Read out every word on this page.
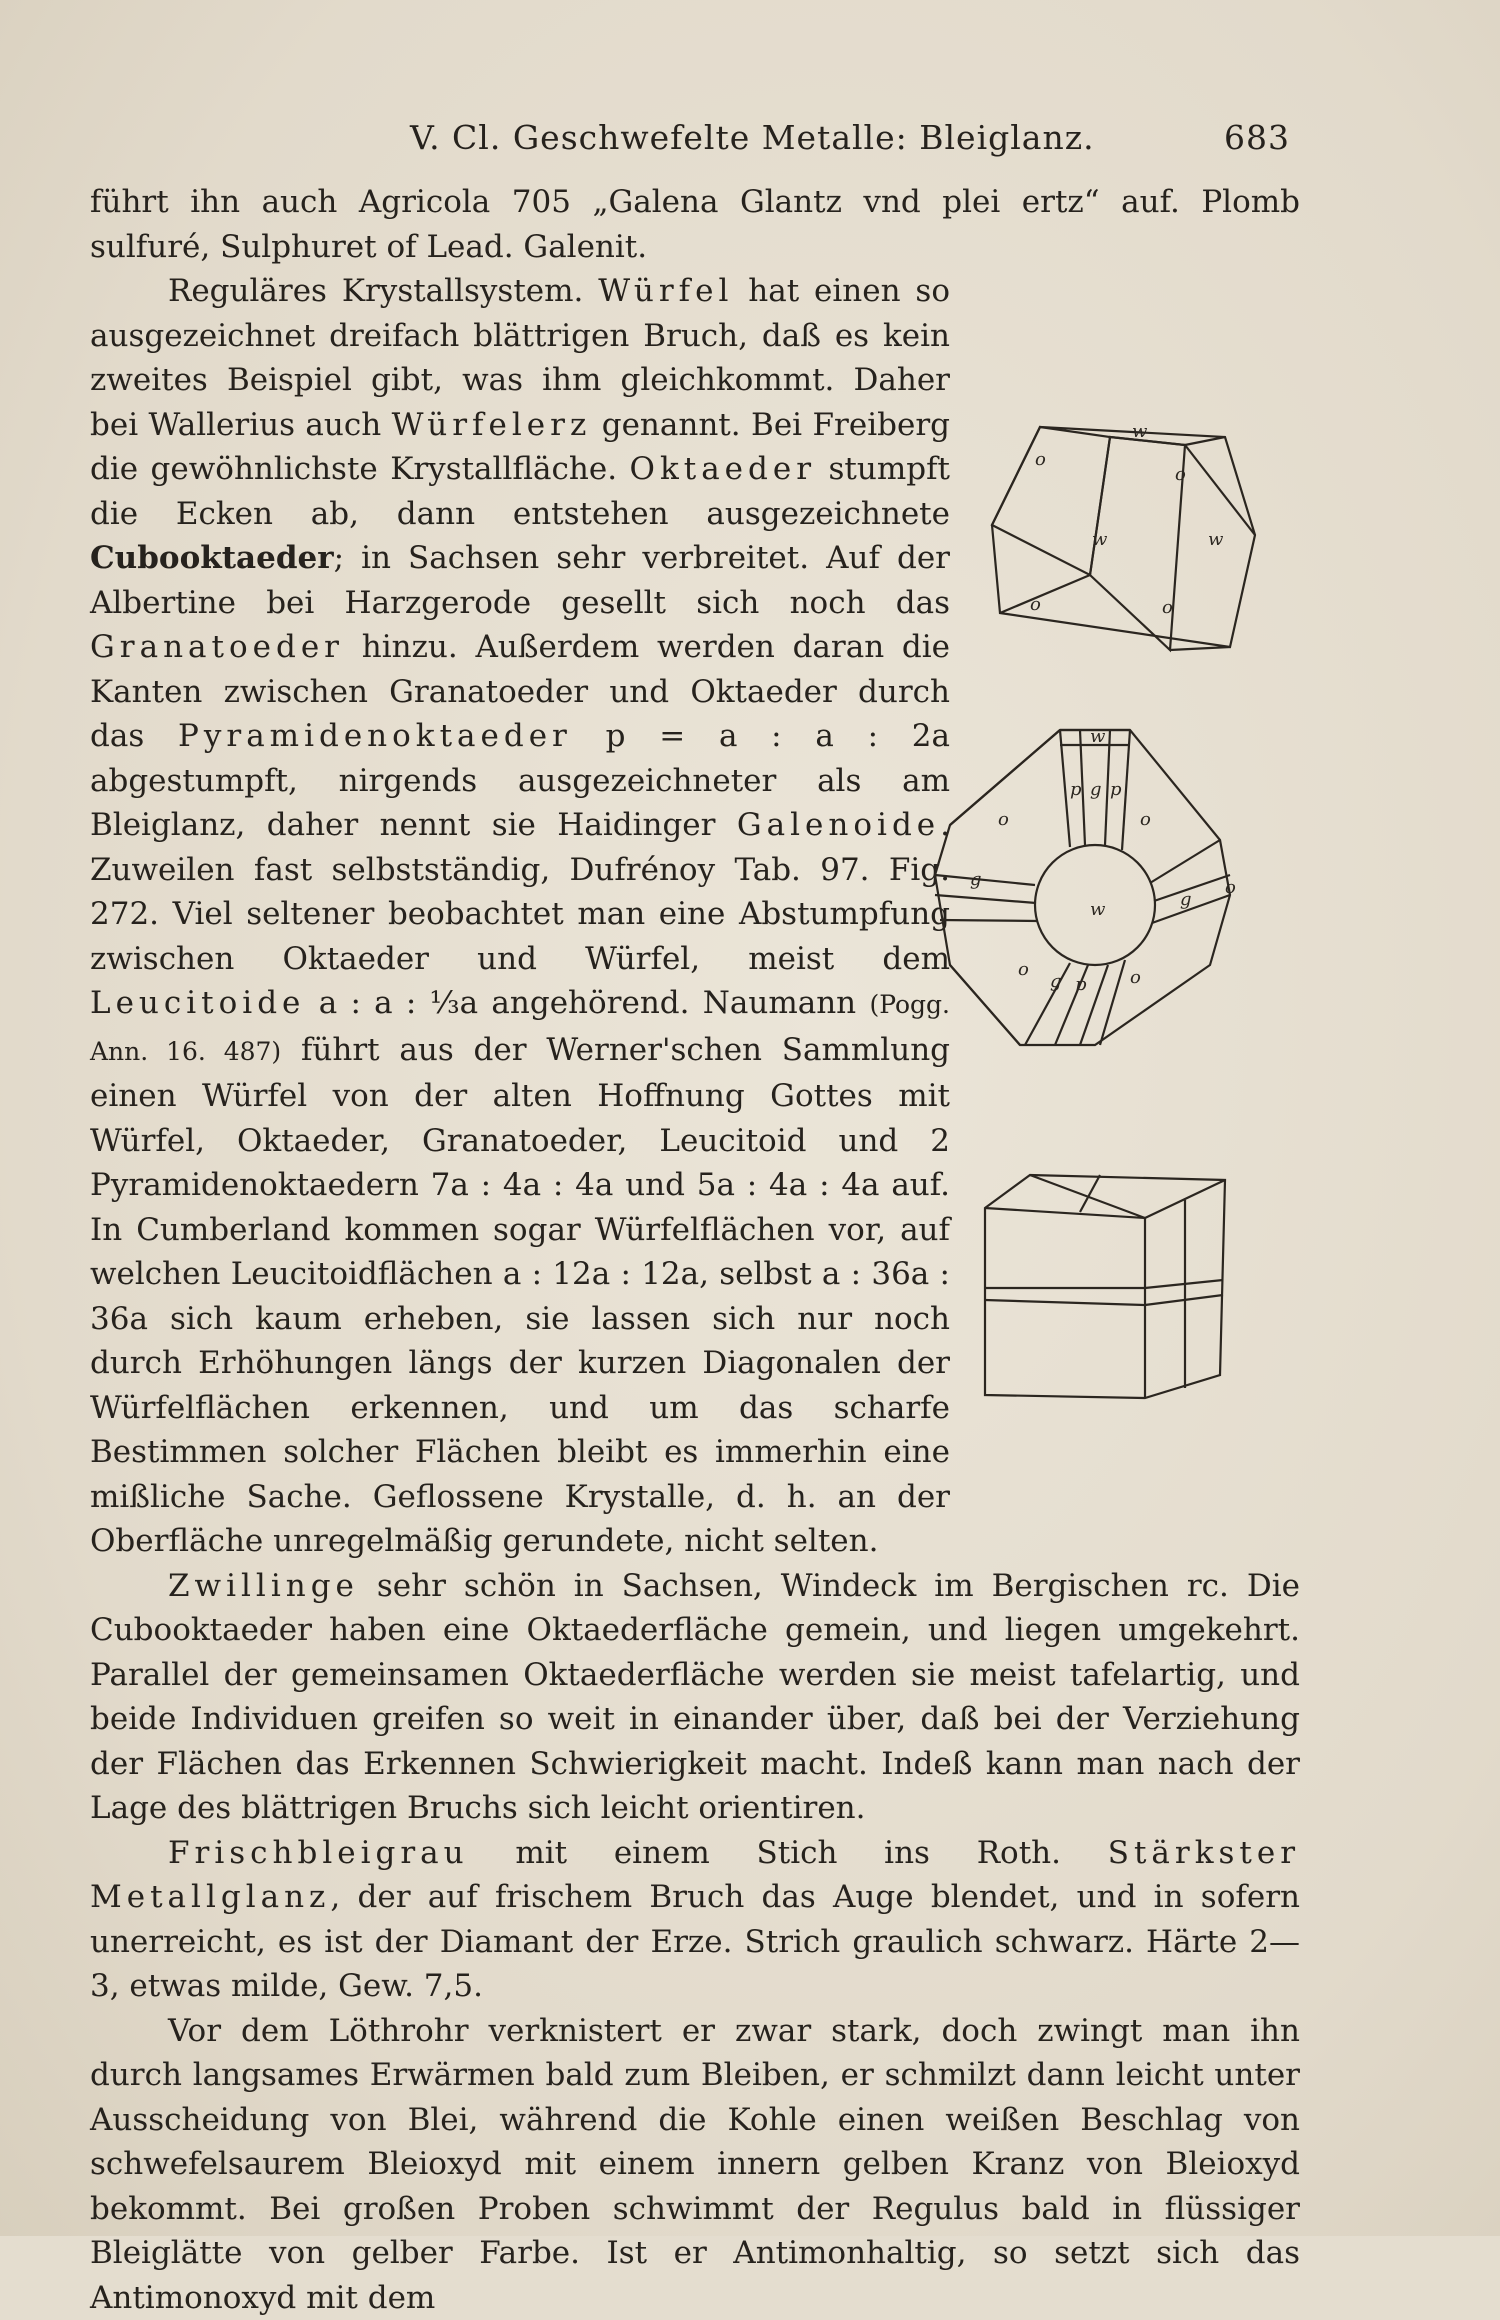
V. Cl. Geschwefelte Metalle: Bleiglanz.	683

führt ihn auch Agricola 705 „Galena Glantz vnd plei ertz“ auf. Plomb sulfuré, Sulphuret of Lead. Galenit.

Reguläres Krystallsystem. Würfel hat einen so ausgezeichnet dreifach blättrigen Bruch, daß es kein zweites Beispiel gibt, was ihm gleichkommt. Daher bei Wallerius auch Würfelerz genannt. Bei Freiberg die gewöhnlichste Krystallfläche. Oktaeder stumpft die Ecken ab, dann entstehen ausgezeichnete Cubooktaeder; in Sachsen sehr verbreitet. Auf der Albertine bei Harzgerode gesellt sich noch das Granatoeder hinzu. Außerdem werden daran die Kanten zwischen Granatoeder und Oktaeder durch das Pyramidenoktaeder p = a : a : 2a abgestumpft, nirgends ausgezeichneter als am Bleiglanz, daher nennt sie Haidinger Galenoide. Zuweilen fast selbstständig, Dufrénoy Tab. 97. Fig. 272. Viel seltener beobachtet man eine Abstumpfung zwischen Oktaeder und Würfel, meist dem Leucitoide a : a : ⅓a angehörend. Naumann (Pogg. Ann. 16. 487) führt aus der Werner'schen Sammlung einen Würfel von der alten Hoffnung Gottes mit Würfel, Oktaeder, Granatoeder, Leucitoid und 2 Pyramidenoktaedern 7a : 4a : 4a und 5a : 4a : 4a auf. In Cumberland kommen sogar Würfelflächen vor, auf welchen Leucitoidflächen a : 12a : 12a, selbst a : 36a : 36a sich kaum erheben, sie lassen sich nur noch durch Erhöhungen längs der kurzen Diagonalen der Würfelflächen erkennen, und um das scharfe Bestimmen solcher Flächen bleibt es immerhin eine mißliche Sache. Geflossene Krystalle, d. h. an der Oberfläche unregelmäßig gerundete, nicht selten.

Zwillinge sehr schön in Sachsen, Windeck im Bergischen rc. Die Cubooktaeder haben eine Oktaederfläche gemein, und liegen umgekehrt. Parallel der gemeinsamen Oktaederfläche werden sie meist tafelartig, und beide Individuen greifen so weit in einander über, daß bei der Verziehung der Flächen das Erkennen Schwierigkeit macht. Indeß kann man nach der Lage des blättrigen Bruchs sich leicht orientiren.

Frischbleigrau mit einem Stich ins Roth. Stärkster Metallglanz, der auf frischem Bruch das Auge blendet, und in sofern unerreicht, es ist der Diamant der Erze. Strich graulich schwarz. Härte 2—3, etwas milde, Gew. 7,5.

Vor dem Löthrohr verknistert er zwar stark, doch zwingt man ihn durch langsames Erwärmen bald zum Bleiben, er schmilzt dann leicht unter Ausscheidung von Blei, während die Kohle einen weißen Beschlag von schwefelsaurem Bleioxyd mit einem innern gelben Kranz von Bleioxyd bekommt. Bei großen Proben schwimmt der Regulus bald in flüssiger Bleiglätte von gelber Farbe. Ist er Antimonhaltig, so setzt sich das Antimonoxyd mit dem

w
o
o
w	w
o	o
w
p g p
o	o
g
w	g
o
o
g p o
